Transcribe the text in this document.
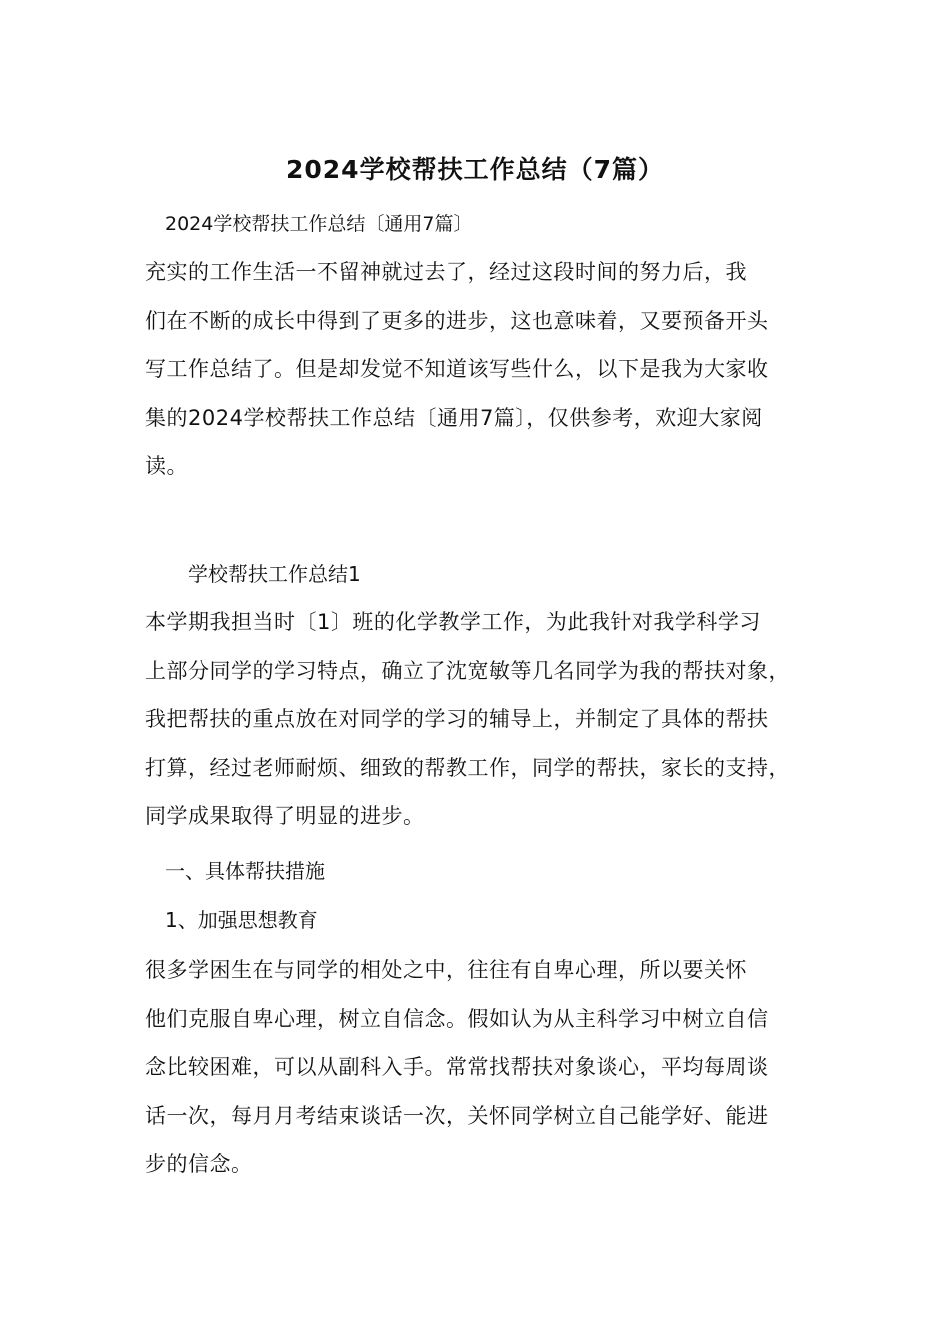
2024学校帮扶工作总结（7篇）
2024学校帮扶工作总结〔通用7篇〕
充实的工作生活一不留神就过去了，经过这段时间的努力后，我
们在不断的成长中得到了更多的进步，这也意味着，又要预备开头
写工作总结了。但是却发觉不知道该写些什么，以下是我为大家收
集的2024学校帮扶工作总结〔通用7篇〕，仅供参考，欢迎大家阅
读。
学校帮扶工作总结1
本学期我担当时〔1〕班的化学教学工作，为此我针对我学科学习
上部分同学的学习特点，确立了沈宽敏等几名同学为我的帮扶对象，
我把帮扶的重点放在对同学的学习的辅导上，并制定了具体的帮扶
打算，经过老师耐烦、细致的帮教工作，同学的帮扶，家长的支持，
同学成果取得了明显的进步。
一、具体帮扶措施
1、加强思想教育
很多学困生在与同学的相处之中，往往有自卑心理，所以要关怀
他们克服自卑心理，树立自信念。假如认为从主科学习中树立自信
念比较困难，可以从副科入手。常常找帮扶对象谈心，平均每周谈
话一次，每月月考结束谈话一次，关怀同学树立自己能学好、能进
步的信念。
